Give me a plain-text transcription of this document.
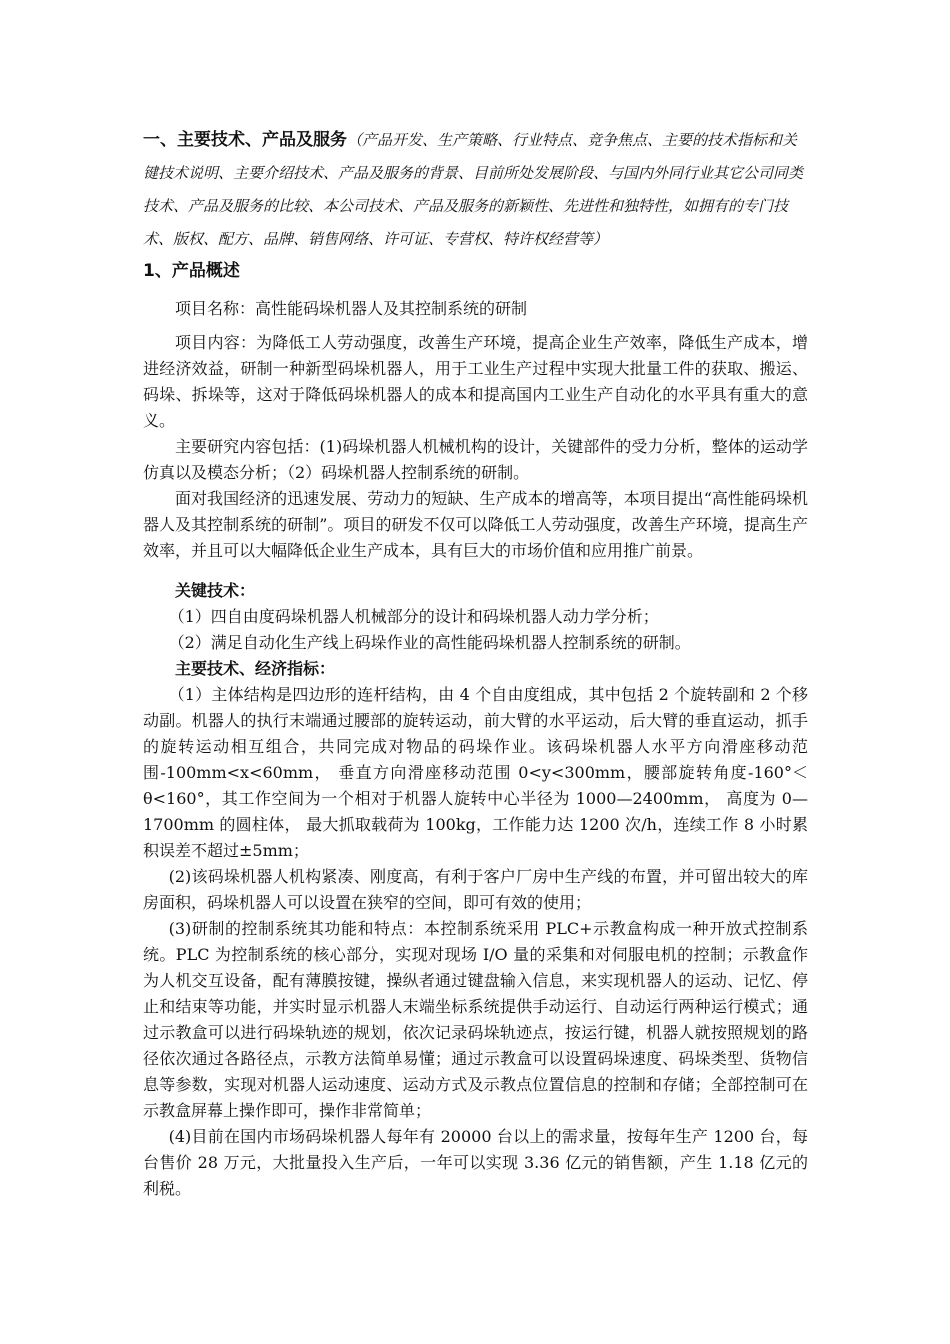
一、主要技术、产品及服务（产品开发、生产策略、行业特点、竞争焦点、主要的技术指标和关键技术说明、主要介绍技术、产品及服务的背景、目前所处发展阶段、与国内外同行业其它公司同类技术、产品及服务的比较、本公司技术、产品及服务的新颖性、先进性和独特性，如拥有的专门技术、版权、配方、品牌、销售网络、许可证、专营权、特许权经营等）
1、产品概述

项目名称：高性能码垛机器人及其控制系统的研制

项目内容：为降低工人劳动强度，改善生产环境，提高企业生产效率，降低生产成本，增进经济效益，研制一种新型码垛机器人，用于工业生产过程中实现大批量工件的获取、搬运、码垛、拆垛等，这对于降低码垛机器人的成本和提高国内工业生产自动化的水平具有重大的意义。

主要研究内容包括：(1)码垛机器人机械机构的设计，关键部件的受力分析，整体的运动学仿真以及模态分析；（2）码垛机器人控制系统的研制。

面对我国经济的迅速发展、劳动力的短缺、生产成本的增高等，本项目提出“高性能码垛机器人及其控制系统的研制”。项目的研发不仅可以降低工人劳动强度，改善生产环境，提高生产效率，并且可以大幅降低企业生产成本，具有巨大的市场价值和应用推广前景。

关键技术：

（1）四自由度码垛机器人机械部分的设计和码垛机器人动力学分析；

（2）满足自动化生产线上码垛作业的高性能码垛机器人控制系统的研制。

主要技术、经济指标：

（1）主体结构是四边形的连杆结构，由 4 个自由度组成，其中包括 2 个旋转副和 2 个移动副。机器人的执行末端通过腰部的旋转运动，前大臂的水平运动，后大臂的垂直运动，抓手的旋转运动相互组合，共同完成对物品的码垛作业。该码垛机器人水平方向滑座移动范围-100mm<x<60mm， 垂直方向滑座移动范围 0<y<300mm，腰部旋转角度-160°＜θ<160°，其工作空间为一个相对于机器人旋转中心半径为 1000—2400mm， 高度为 0—1700mm 的圆柱体， 最大抓取载荷为 100kg，工作能力达 1200 次/h，连续工作 8 小时累积误差不超过±5mm；

(2)该码垛机器人机构紧凑、刚度高，有利于客户厂房中生产线的布置，并可留出较大的库房面积，码垛机器人可以设置在狭窄的空间，即可有效的使用；

(3)研制的控制系统其功能和特点：本控制系统采用 PLC+示教盒构成一种开放式控制系统。PLC 为控制系统的核心部分，实现对现场 I/O 量的采集和对伺服电机的控制；示教盒作为人机交互设备，配有薄膜按键，操纵者通过键盘输入信息，来实现机器人的运动、记忆、停止和结束等功能，并实时显示机器人末端坐标系统提供手动运行、自动运行两种运行模式；通过示教盒可以进行码垛轨迹的规划，依次记录码垛轨迹点，按运行键，机器人就按照规划的路径依次通过各路径点，示教方法简单易懂；通过示教盒可以设置码垛速度、码垛类型、货物信息等参数，实现对机器人运动速度、运动方式及示教点位置信息的控制和存储；全部控制可在示教盒屏幕上操作即可，操作非常简单；

(4)目前在国内市场码垛机器人每年有 20000 台以上的需求量，按每年生产 1200 台，每台售价 28 万元，大批量投入生产后，一年可以实现 3.36 亿元的销售额，产生 1.18 亿元的利税。
